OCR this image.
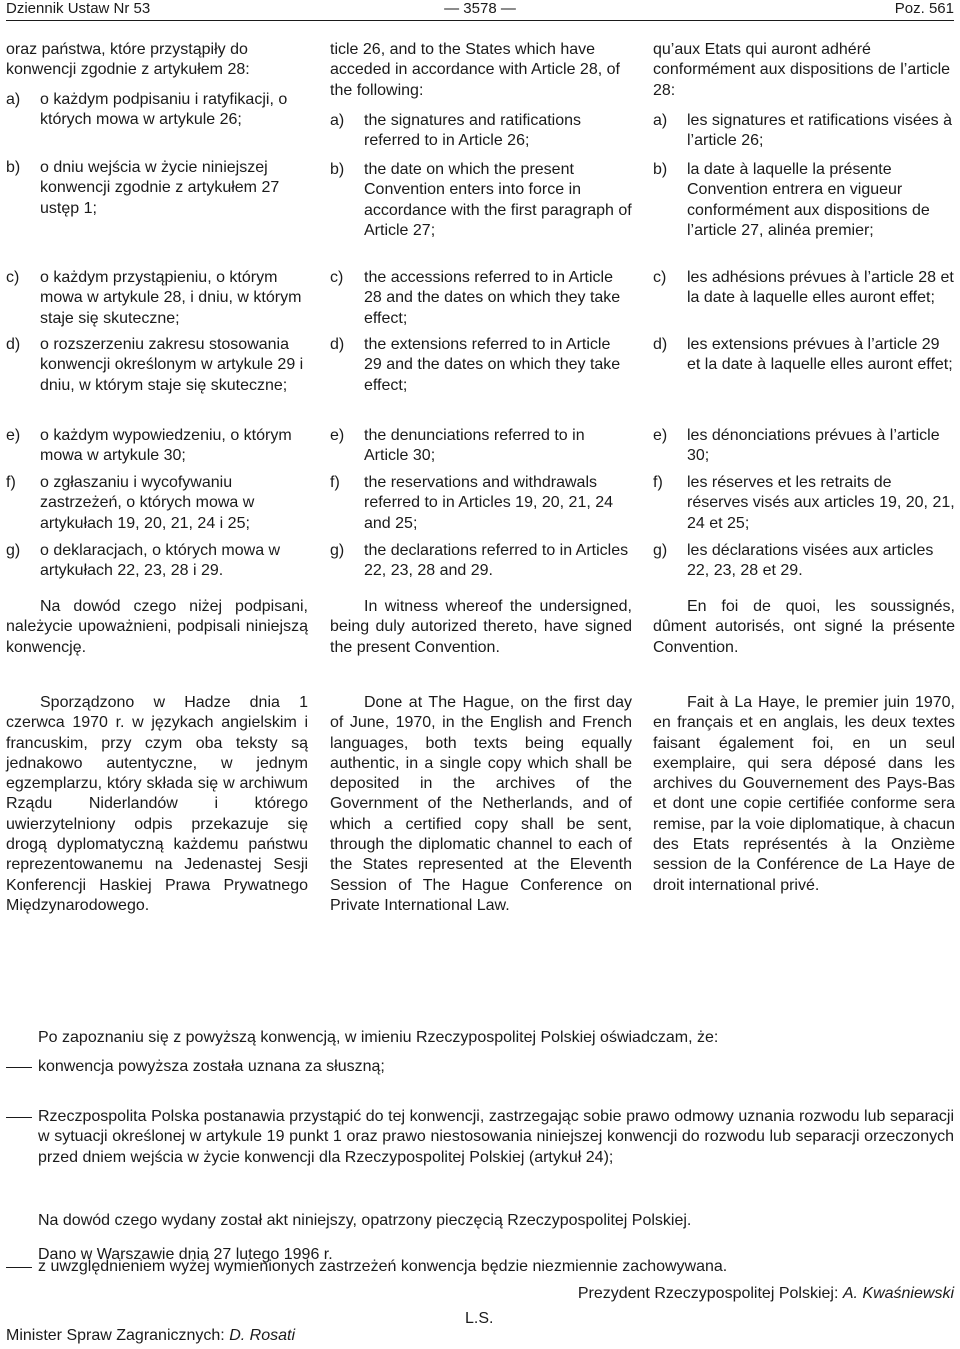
Dziennik Ustaw Nr 53	— 3578 —	Poz. 561
oraz państwa, które przystąpiły do konwencji zgodnie z artykułem 28:
a)	o każdym podpisaniu i ratyfikacji, o których mowa w artykule 26;
b)	o dniu wejścia w życie niniejszej konwencji zgodnie z artykułem 27 ustęp 1;
c)	o każdym przystąpieniu, o którym mowa w artykule 28, i dniu, w którym staje się skuteczne;
d)	o rozszerzeniu zakresu stosowania konwencji określonym w artykule 29 i dniu, w którym staje się skuteczne;
e)	o każdym wypowiedzeniu, o którym mowa w artykule 30;
f)	o zgłaszaniu i wycofywaniu zastrzeżeń, o których mowa w artykułach 19, 20, 21, 24 i 25;
g)	o deklaracjach, o których mowa w artykułach 22, 23, 28 i 29.

Na dowód czego niżej podpisani, należycie upoważnieni, podpisali niniejszą konwencję.

Sporządzono w Hadze dnia 1 czerwca 1970 r. w językach angielskim i francuskim, przy czym oba teksty są jednakowo autentyczne, w jednym egzemplarzu, który składa się w archiwum Rządu Niderlandów i którego uwierzytelniony odpis przekazuje się drogą dyplomatyczną każdemu państwu reprezentowanemu na Jedenastej Sesji Konferencji Haskiej Prawa Prywatnego Międzynarodowego.

ticle 26, and to the States which have acceded in accordance with Article 28, of the following:
a)	the signatures and ratifications referred to in Article 26;
b)	the date on which the present Convention enters into force in accordance with the first paragraph of Article 27;
c)	the accessions referred to in Article 28 and the dates on which they take effect;
d)	the extensions referred to in Article 29 and the dates on which they take effect;
e)	the denunciations referred to in Article 30;
f)	the reservations and withdrawals referred to in Articles 19, 20, 21, 24 and 25;
g)	the declarations referred to in Articles 22, 23, 28 and 29.

In witness whereof the undersigned, being duly autorized thereto, have signed the present Convention.

Done at The Hague, on the first day of June, 1970, in the English and French languages, both texts being equally authentic, in a single copy which shall be deposited in the archives of the Government of the Netherlands, and of which a certified copy shall be sent, through the diplomatic channel to each of the States represented at the Eleventh Session of The Hague Conference on Private International Law.

qu’aux Etats qui auront adhéré conformément aux dispositions de l’article 28:
a)	les signatures et ratifications visées à l’article 26;
b)	la date à laquelle la présente Convention entrera en vigueur conformément aux dispositions de l’article 27, alinéa premier;
c)	les adhésions prévues à l’article 28 et la date à laquelle elles auront effet;
d)	les extensions prévues à l’article 29 et la date à laquelle elles auront effet;
e)	les dénonciations prévues à l’article 30;
f)	les réserves et les retraits de réserves visés aux articles 19, 20, 21, 24 et 25;
g)	les déclarations visées aux articles 22, 23, 28 et 29.

En foi de quoi, les soussignés, dûment autorisés, ont signé la présente Convention.

Fait à La Haye, le premier juin 1970, en français et en anglais, les deux textes faisant également foi, en un seul exemplaire, qui sera déposé dans les archives du Gouvernement des Pays-Bas et dont une copie certifiée conforme sera remise, par la voie diplomatique, à chacun des Etats représentés à la Onzième session de la Conférence de La Haye de droit international privé.

Po zapoznaniu się z powyższą konwencją, w imieniu Rzeczypospolitej Polskiej oświadczam, że:

konwencja powyższa została uznana za słuszną;
Rzeczpospolita Polska postanawia przystąpić do tej konwencji, zastrzegając sobie prawo odmowy uznania rozwodu lub separacji w sytuacji określonej w artykule 19 punkt 1 oraz prawo niestosowania niniejszej konwencji do rozwodu lub separacji orzeczonych przed dniem wejścia w życie konwencji dla Rzeczypospolitej Polskiej (artykuł 24);
z uwzględnieniem wyżej wymienionych zastrzeżeń konwencja będzie niezmiennie zachowywana.

Na dowód czego wydany został akt niniejszy, opatrzony pieczęcią Rzeczypospolitej Polskiej.

Dano w Warszawie dnia 27 lutego 1996 r.

Prezydent Rzeczypospolitej Polskiej: A. Kwaśniewski
L.S.
Minister Spraw Zagranicznych: D. Rosati
